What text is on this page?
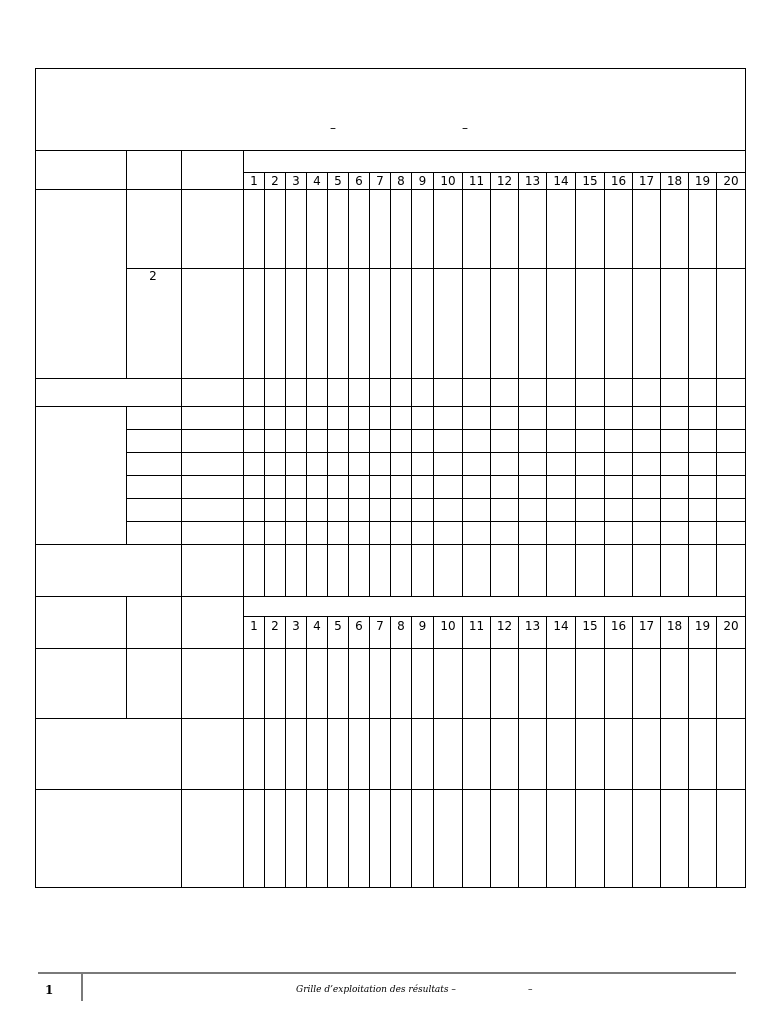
1	2	3	4	5	6	7	8	9	10	11	12	13	14	15	16	17	18	19	20
1	2	3	4	5	6	7	8	9	10	11	12	13	14	15	16	17	18	19	20
–	–
2
1	Grille d’exploitation des résultats –	–
